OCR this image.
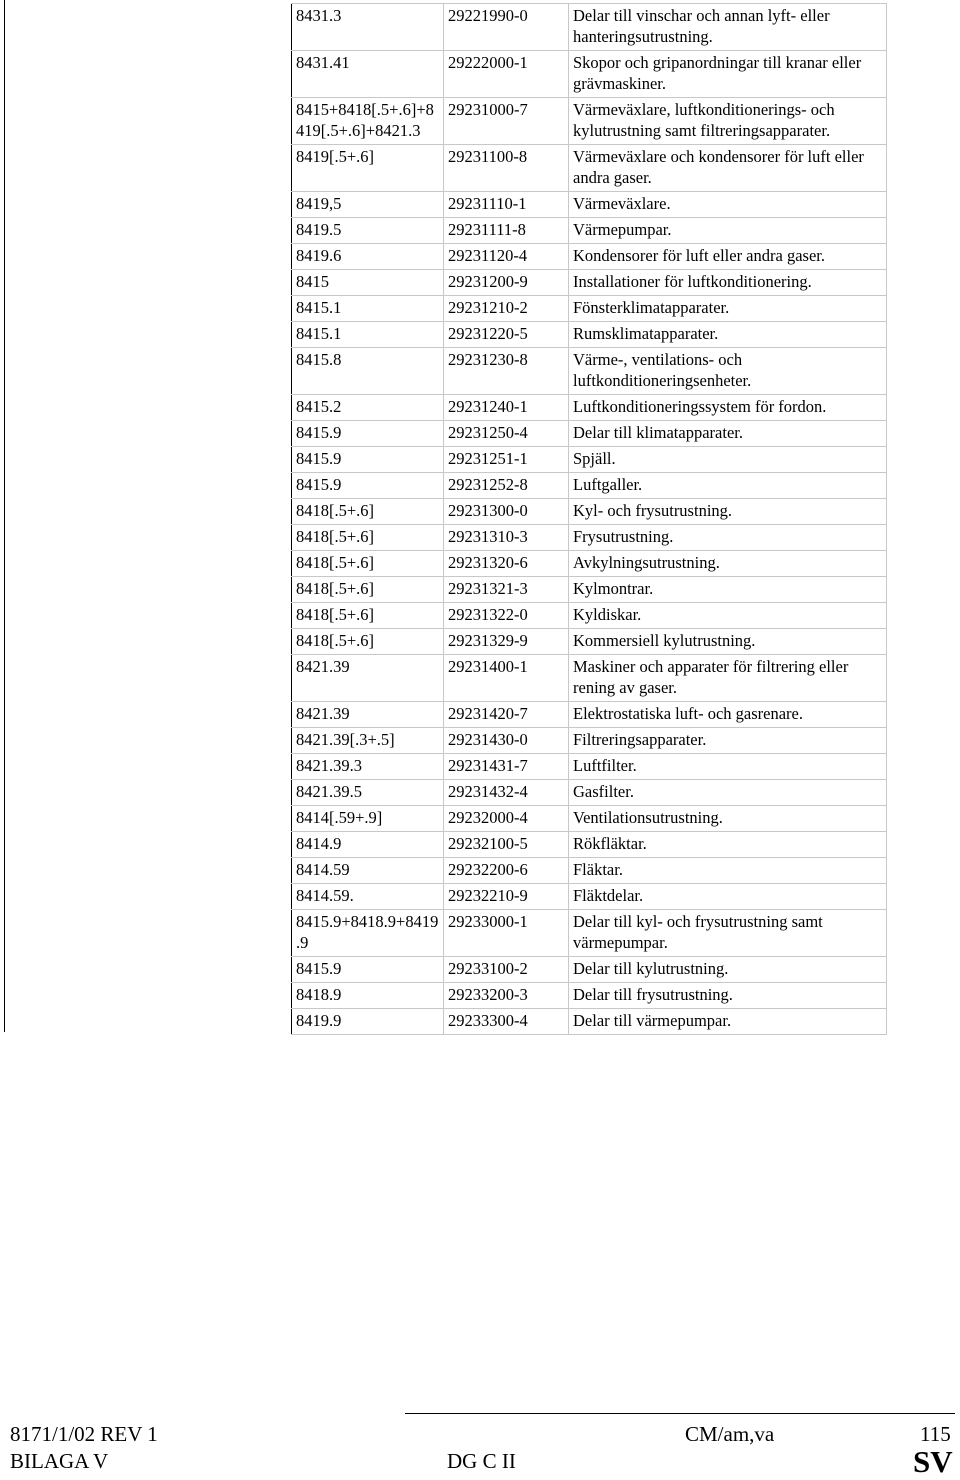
8431.3	29221990-0	Delar till vinschar och annan lyft- eller hanteringsutrustning.
8431.41	29222000-1	Skopor och gripanordningar till kranar eller grävmaskiner.
8415+8418[.5+.6]+8419[.5+.6]+8421.3	29231000-7	Värmeväxlare, luftkonditionerings- och kylutrustning samt filtreringsapparater.
8419[.5+.6]	29231100-8	Värmeväxlare och kondensorer för luft eller andra gaser.
8419,5	29231110-1	Värmeväxlare.
8419.5	29231111-8	Värmepumpar.
8419.6	29231120-4	Kondensorer för luft eller andra gaser.
8415	29231200-9	Installationer för luftkonditionering.
8415.1	29231210-2	Fönsterklimatapparater.
8415.1	29231220-5	Rumsklimatapparater.
8415.8	29231230-8	Värme-, ventilations- och luftkonditioneringsenheter.
8415.2	29231240-1	Luftkonditioneringssystem för fordon.
8415.9	29231250-4	Delar till klimatapparater.
8415.9	29231251-1	Spjäll.
8415.9	29231252-8	Luftgaller.
8418[.5+.6]	29231300-0	Kyl- och frysutrustning.
8418[.5+.6]	29231310-3	Frysutrustning.
8418[.5+.6]	29231320-6	Avkylningsutrustning.
8418[.5+.6]	29231321-3	Kylmontrar.
8418[.5+.6]	29231322-0	Kyldiskar.
8418[.5+.6]	29231329-9	Kommersiell kylutrustning.
8421.39	29231400-1	Maskiner och apparater för filtrering eller rening av gaser.
8421.39	29231420-7	Elektrostatiska luft- och gasrenare.
8421.39[.3+.5]	29231430-0	Filtreringsapparater.
8421.39.3	29231431-7	Luftfilter.
8421.39.5	29231432-4	Gasfilter.
8414[.59+.9]	29232000-4	Ventilationsutrustning.
8414.9	29232100-5	Rökfläktar.
8414.59	29232200-6	Fläktar.
8414.59.	29232210-9	Fläktdelar.
8415.9+8418.9+8419.9	29233000-1	Delar till kyl- och frysutrustning samt värmepumpar.
8415.9	29233100-2	Delar till kylutrustning.
8418.9	29233200-3	Delar till frysutrustning.
8419.9	29233300-4	Delar till värmepumpar.
8171/1/02 REV 1
BILAGA V	DG C II
CM/am,va	115
SV
